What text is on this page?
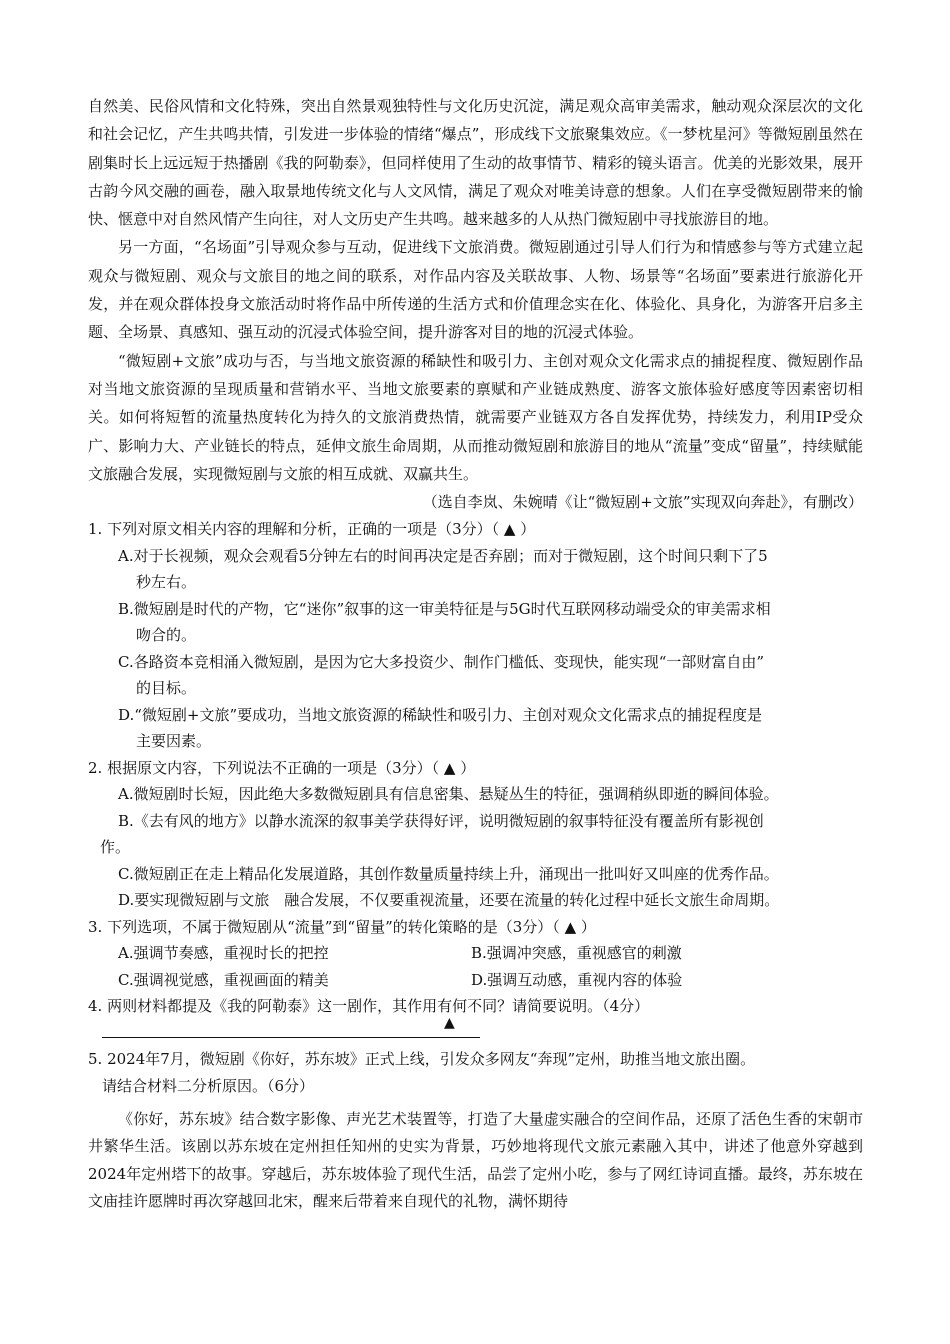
自然美、民俗风情和文化特殊，突出自然景观独特性与文化历史沉淀，满足观众高审美需求，触动观众深层次的文化和社会记忆，产生共鸣共情，引发进一步体验的情绪“爆点”，形成线下文旅聚集效应。《一梦枕星河》等微短剧虽然在剧集时长上远远短于热播剧《我的阿勒泰》，但同样使用了生动的故事情节、精彩的镜头语言。优美的光影效果，展开古韵今风交融的画卷，融入取景地传统文化与人文风情，满足了观众对唯美诗意的想象。人们在享受微短剧带来的愉快、惬意中对自然风情产生向往，对人文历史产生共鸣。越来越多的人从热门微短剧中寻找旅游目的地。

另一方面，“名场面”引导观众参与互动，促进线下文旅消费。微短剧通过引导人们行为和情感参与等方式建立起观众与微短剧、观众与文旅目的地之间的联系，对作品内容及关联故事、人物、场景等“名场面”要素进行旅游化开发，并在观众群体投身文旅活动时将作品中所传递的生活方式和价值理念实在化、体验化、具身化，为游客开启多主题、全场景、真感知、强互动的沉浸式体验空间，提升游客对目的地的沉浸式体验。

“微短剧+文旅”成功与否，与当地文旅资源的稀缺性和吸引力、主创对观众文化需求点的捕捉程度、微短剧作品对当地文旅资源的呈现质量和营销水平、当地文旅要素的禀赋和产业链成熟度、游客文旅体验好感度等因素密切相关。如何将短暂的流量热度转化为持久的文旅消费热情，就需要产业链双方各自发挥优势，持续发力，利用IP受众广、影响力大、产业链长的特点，延伸文旅生命周期，从而推动微短剧和旅游目的地从“流量”变成“留量”，持续赋能文旅融合发展，实现微短剧与文旅的相互成就、双赢共生。

（选自李岚、朱婉晴《让“微短剧+文旅”实现双向奔赴》，有删改）

1. 下列对原文相关内容的理解和分析，正确的一项是（3分）（ ▲ ）

A.对于长视频，观众会观看5分钟左右的时间再决定是否弃剧；而对于微短剧，这个时间只剩下了5
秒左右。
B.微短剧是时代的产物，它“迷你”叙事的这一审美特征是与5G时代互联网移动端受众的审美需求相
吻合的。
C.各路资本竞相涌入微短剧，是因为它大多投资少、制作门槛低、变现快，能实现“一部财富自由”
的目标。
D.“微短剧+文旅”要成功，当地文旅资源的稀缺性和吸引力、主创对观众文化需求点的捕捉程度是
主要因素。

2. 根据原文内容，下列说法不正确的一项是（3分）（ ▲ ）

A.微短剧时长短，因此绝大多数微短剧具有信息密集、悬疑丛生的特征，强调稍纵即逝的瞬间体验。
B.《去有风的地方》以静水流深的叙事美学获得好评，说明微短剧的叙事特征没有覆盖所有影视创
作。
C.微短剧正在走上精品化发展道路，其创作数量质量持续上升，涌现出一批叫好又叫座的优秀作品。
D.要实现微短剧与文旅　融合发展，不仅要重视流量，还要在流量的转化过程中延长文旅生命周期。

3. 下列选项，不属于微短剧从“流量”到“留量”的转化策略的是（3分）（ ▲ ）

A.强调节奏感，重视时长的把控	B.强调冲突感，重视感官的刺激
C.强调视觉感，重视画面的精美	D.强调互动感，重视内容的体验

4. 两则材料都提及《我的阿勒泰》这一剧作，其作用有何不同？请简要说明。（4分）

▲

5. 2024年7月，微短剧《你好，苏东坡》正式上线，引发众多网友“奔现”定州，助推当地文旅出圈。
请结合材料二分析原因。（6分）

《你好，苏东坡》结合数字影像、声光艺术装置等，打造了大量虚实融合的空间作品，还原了活色生香的宋朝市井繁华生活。该剧以苏东坡在定州担任知州的史实为背景，巧妙地将现代文旅元素融入其中，讲述了他意外穿越到2024年定州塔下的故事。穿越后，苏东坡体验了现代生活，品尝了定州小吃，参与了网红诗词直播。最终，苏东坡在文庙挂许愿牌时再次穿越回北宋，醒来后带着来自现代的礼物，满怀期待
